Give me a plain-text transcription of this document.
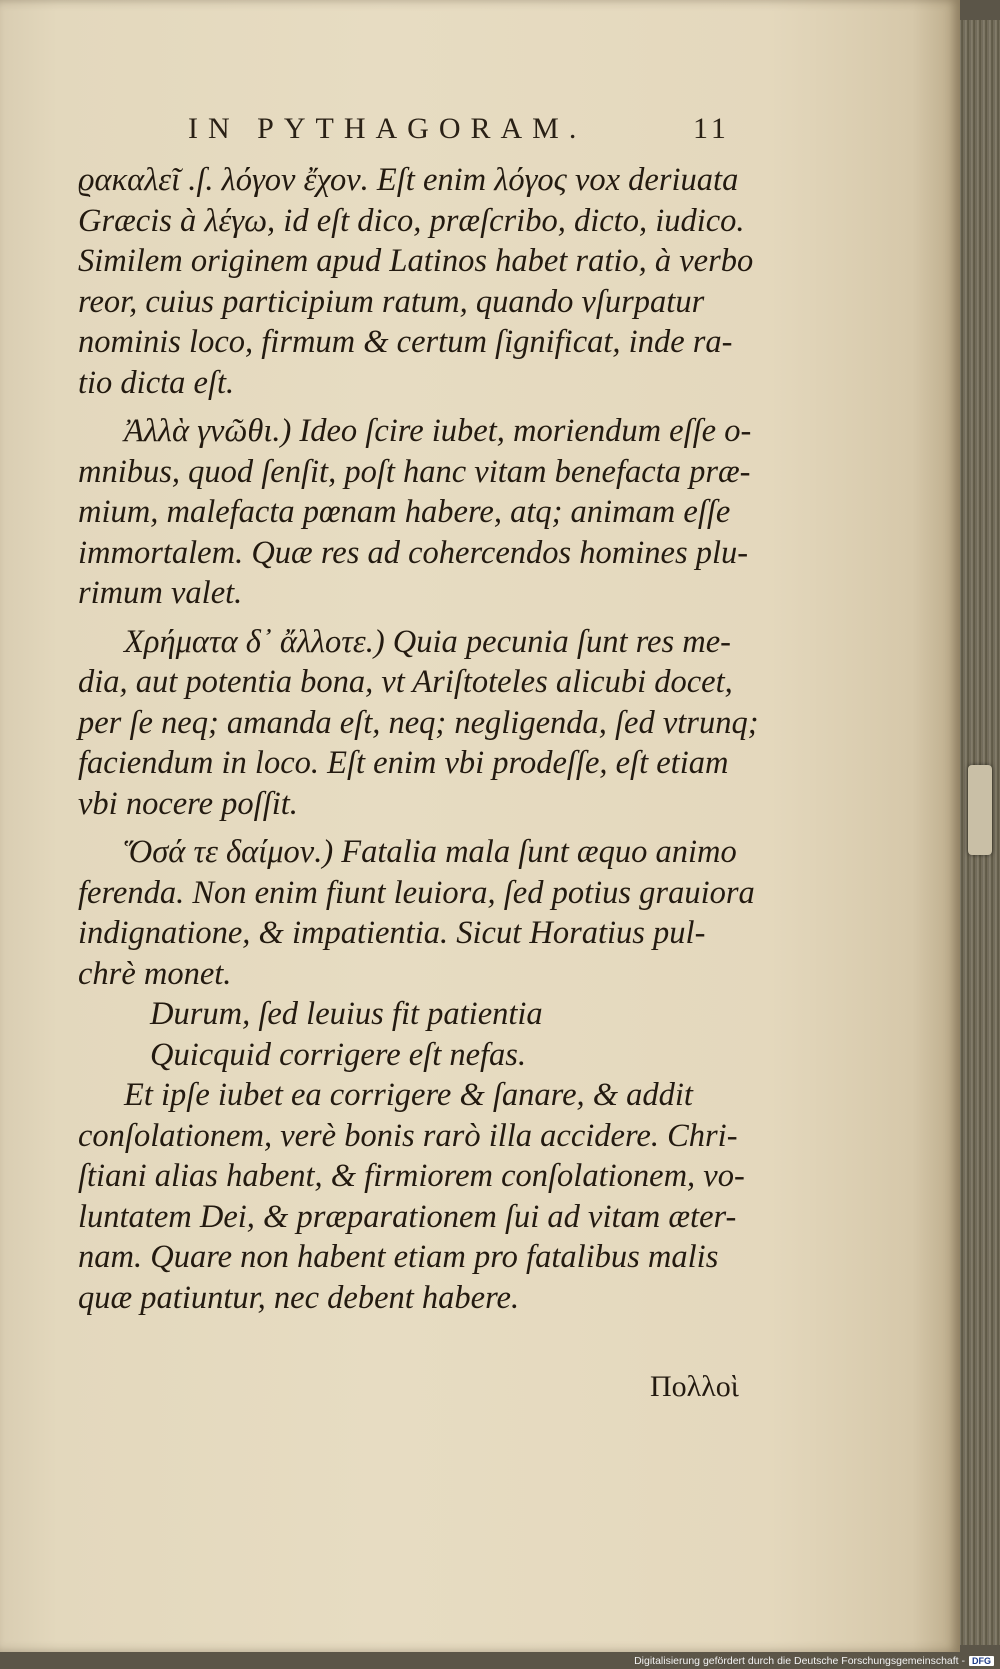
IN PYTHAGORAM.	11
ϱακαλεῖ .ſ. λόγον ἔχον. Eſt enim λόγος vox deriuata
Græcis à λέγω, id eſt dico, præſcribo, dicto, iudico.
Similem originem apud Latinos habet ratio, à verbo
reor, cuius participium ratum, quando vſurpatur
nominis loco, firmum & certum ſignificat, inde ra-
tio dicta eſt.
Ἀλλὰ γνῶθι.) Ideo ſcire iubet, moriendum eſſe o-
mnibus, quod ſenſit, poſt hanc vitam benefacta præ-
mium, malefacta pœnam habere, atq; animam eſſe
immortalem. Quæ res ad cohercendos homines plu-
rimum valet.
Χρήματα δ᾽ ἄλλοτε.) Quia pecunia ſunt res me-
dia, aut potentia bona, vt Ariſtoteles alicubi docet,
per ſe neq; amanda eſt, neq; negligenda, ſed vtrunq;
faciendum in loco. Eſt enim vbi prodeſſe, eſt etiam
vbi nocere poſſit.
Ὅσά τε δαίμον.) Fatalia mala ſunt æquo animo
ferenda. Non enim fiunt leuiora, ſed potius grauiora
indignatione, & impatientia. Sicut Horatius pul-
chrè monet.
Durum, ſed leuius fit patientia
Quicquid corrigere eſt nefas.
Et ipſe iubet ea corrigere & ſanare, & addit
conſolationem, verè bonis rarò illa accidere. Chri-
ſtiani alias habent, & firmiorem conſolationem, vo-
luntatem Dei, & præparationem ſui ad vitam æter-
nam. Quare non habent etiam pro fatalibus malis
quæ patiuntur, nec debent habere.
Πολλοὶ
Digitalisierung gefördert durch die Deutsche Forschungsgemeinschaft - DFG
